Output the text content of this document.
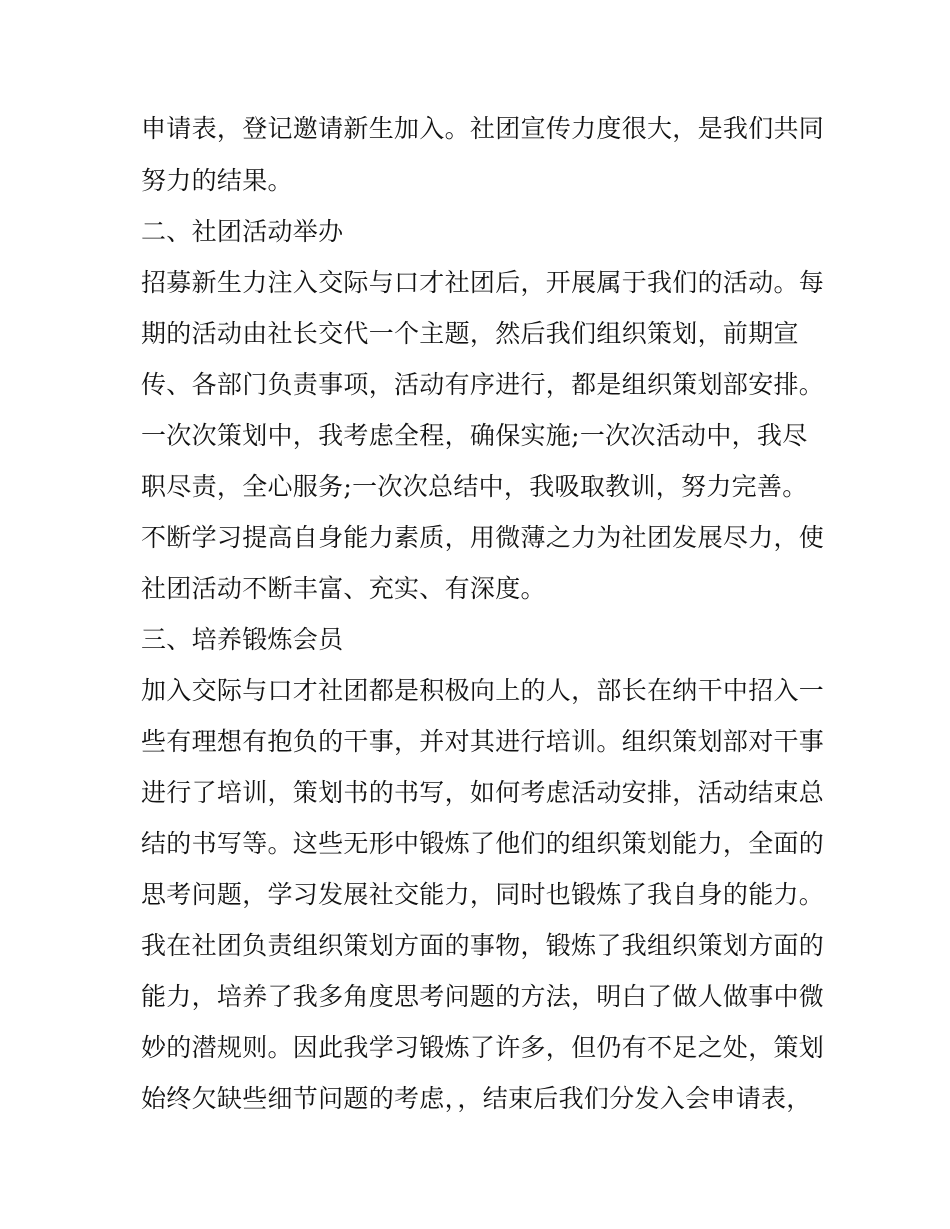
申请表，登记邀请新生加入。社团宣传力度很大，是我们共同
努力的结果。
二、社团活动举办
招募新生力注入交际与口才社团后，开展属于我们的活动。每
期的活动由社长交代一个主题，然后我们组织策划，前期宣
传、各部门负责事项，活动有序进行，都是组织策划部安排。
一次次策划中，我考虑全程，确保实施;一次次活动中，我尽
职尽责，全心服务;一次次总结中，我吸取教训，努力完善。
不断学习提高自身能力素质，用微薄之力为社团发展尽力，使
社团活动不断丰富、充实、有深度。
三、培养锻炼会员
加入交际与口才社团都是积极向上的人，部长在纳干中招入一
些有理想有抱负的干事，并对其进行培训。组织策划部对干事
进行了培训，策划书的书写，如何考虑活动安排，活动结束总
结的书写等。这些无形中锻炼了他们的组织策划能力，全面的
思考问题，学习发展社交能力，同时也锻炼了我自身的能力。
我在社团负责组织策划方面的事物，锻炼了我组织策划方面的
能力，培养了我多角度思考问题的方法，明白了做人做事中微
妙的潜规则。因此我学习锻炼了许多，但仍有不足之处，策划
始终欠缺些细节问题的考虑，，结束后我们分发入会申请表，
